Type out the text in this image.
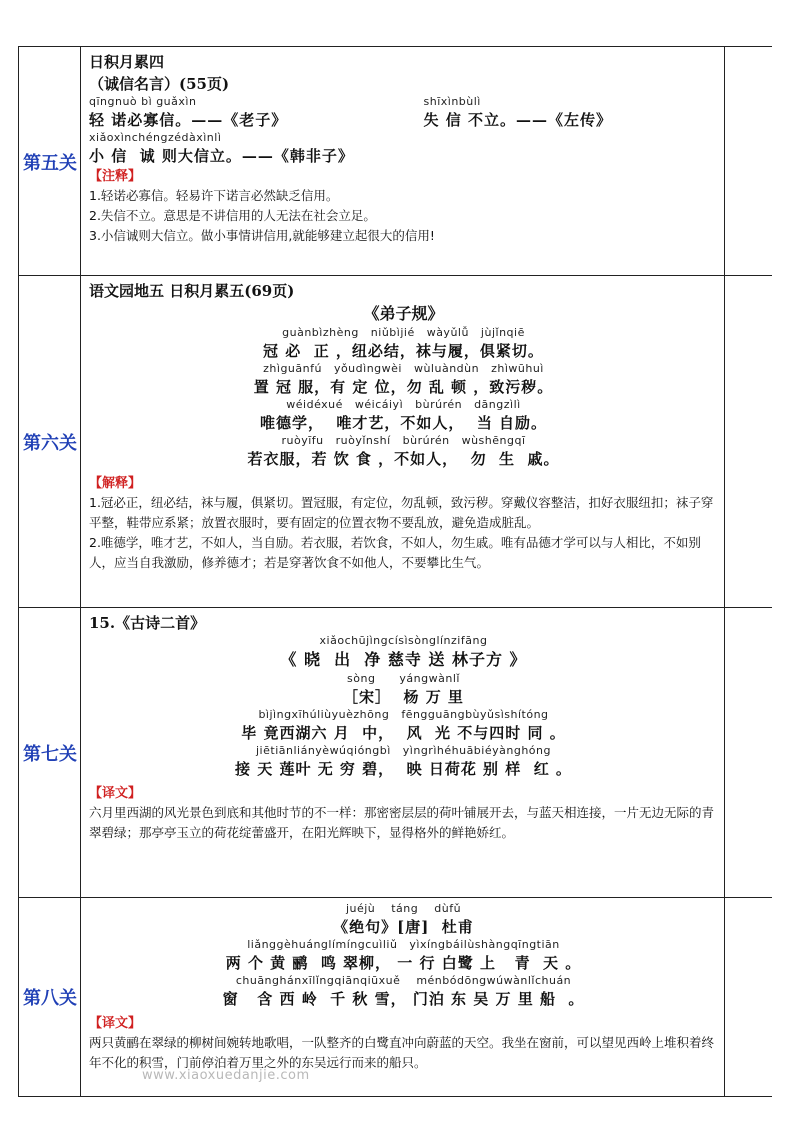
第五关
日积月累四
（诚信名言）(55页)
qīngnuò bì guǎxìn
轻 诺必寡信。——《老子》
shīxìnbùlì
失 信 不立。——《左传》
xiǎoxìnchéngzédàxìnlì
小 信  诚 则大信立。——《韩非子》
【注释】
1.轻诺必寡信。轻易许下诺言必然缺乏信用。
2.失信不立。意思是不讲信用的人无法在社会立足。
3.小信诚则大信立。做小事情讲信用,就能够建立起很大的信用!
第六关
语文园地五 日积月累五(69页)
《弟子规》
guànbìzhèng   niǔbìjié   wàyǔlǚ   jùjǐnqiē
冠 必  正 ，纽必结，袜与履，俱紧切。
zhìguānfú   yǒudìngwèi   wùluàndùn   zhìwūhuì
置 冠 服，有 定 位，勿 乱 顿 ，致污秽。
wéidéxué   wéicáiyì   bùrúrén   dāngzìlì
唯德学，  唯才艺，不如人，  当 自励。
ruòyīfu   ruòyǐnshí   bùrúrén   wùshēngqī
若衣服，若 饮 食 ，不如人，  勿  生  戚。
【解释】
1.冠必正，纽必结，袜与履，俱紧切。置冠服，有定位，勿乱顿，致污秽。穿戴仪容整洁，扣好衣服纽扣；袜子穿平整，鞋带应系紧；放置衣服时，要有固定的位置衣物不要乱放，避免造成脏乱。
2.唯德学，唯才艺，不如人，当自励。若衣服，若饮食，不如人，勿生戚。唯有品德才学可以与人相比，不如别人，应当自我激励，修养德才；若是穿著饮食不如他人，不要攀比生气。
第七关
15.《古诗二首》
xiǎochūjìngcísìsònglínzifāng
《 晓  出  净 慈寺 送 林子方 》
sòng      yángwànlǐ
［宋］  杨 万 里
bìjìngxīhúliùyuèzhōng   fēngguāngbùyǔsìshítóng
毕 竟西湖六 月  中，  风  光 不与四时 同 。
jiētiānliányèwúqióngbì   yìngrìhéhuābiéyànghóng
接 天 莲叶 无 穷 碧，  映 日荷花 别 样  红 。
【译文】
六月里西湖的风光景色到底和其他时节的不一样：那密密层层的荷叶铺展开去，与蓝天相连接，一片无边无际的青翠碧绿；那亭亭玉立的荷花绽蕾盛开，在阳光辉映下，显得格外的鲜艳娇红。
第八关
juéjù    táng    dùfǔ
《绝句》[唐]  杜甫
liǎnggèhuánglímíngcuìliǔ   yìxíngbáilùshàngqīngtiān
两 个 黄 鹂  鸣 翠柳， 一 行 白鹭 上   青  天 。
chuānghánxīlǐngqiānqiūxuě    ménbódōngwúwànlǐchuán
窗   含 西 岭  千 秋 雪， 门泊 东 吴 万 里 船  。
【译文】
两只黄鹂在翠绿的柳树间婉转地歌唱，一队整齐的白鹭直冲向蔚蓝的天空。我坐在窗前，可以望见西岭上堆积着终年不化的积雪，门前停泊着万里之外的东吴远行而来的船只。
www.xiaoxuedanjie.com
